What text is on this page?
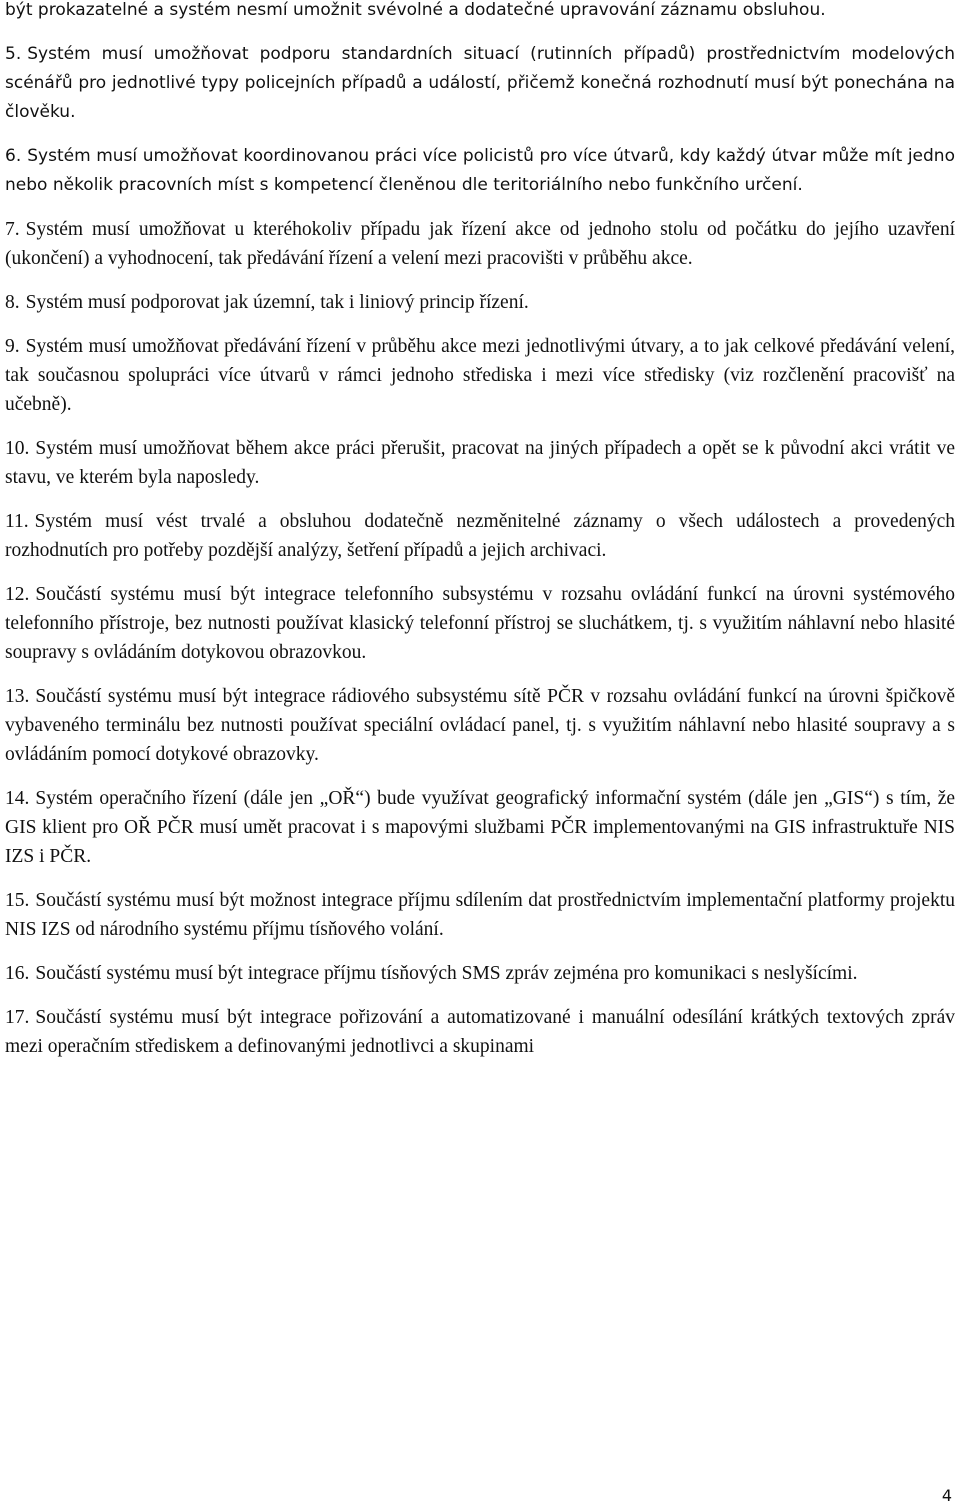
být prokazatelné a systém nesmí umožnit svévolné a dodatečné upravování záznamu obsluhou.

5. Systém musí umožňovat podporu standardních situací (rutinních případů) prostřednictvím modelových scénářů pro jednotlivé typy policejních případů a událostí, přičemž konečná rozhodnutí musí být ponechána na člověku.

6. Systém musí umožňovat koordinovanou práci více policistů pro více útvarů, kdy každý útvar může mít jedno nebo několik pracovních míst s kompetencí členěnou dle teritoriálního nebo funkčního určení.

7. Systém musí umožňovat u kteréhokoliv případu jak řízení akce od jednoho stolu od počátku do jejího uzavření (ukončení) a vyhodnocení, tak předávání řízení a velení mezi pracovišti v průběhu akce.

8. Systém musí podporovat jak územní, tak i liniový princip řízení.

9. Systém musí umožňovat předávání řízení v průběhu akce mezi jednotlivými útvary, a to jak celkové předávání velení, tak současnou spolupráci více útvarů v rámci jednoho střediska i mezi více středisky (viz rozčlenění pracovišť na učebně).

10. Systém musí umožňovat během akce práci přerušit, pracovat na jiných případech a opět se k původní akci vrátit ve stavu, ve kterém byla naposledy.

11. Systém musí vést trvalé a obsluhou dodatečně nezměnitelné záznamy o všech událostech a provedených rozhodnutích pro potřeby pozdější analýzy, šetření případů a jejich archivaci.

12. Součástí systému musí být integrace telefonního subsystému v rozsahu ovládání funkcí na úrovni systémového telefonního přístroje, bez nutnosti používat klasický telefonní přístroj se sluchátkem, tj. s využitím náhlavní nebo hlasité soupravy s ovládáním dotykovou obrazovkou.

13. Součástí systému musí být integrace rádiového subsystému sítě PČR v rozsahu ovládání funkcí na úrovni špičkově vybaveného terminálu bez nutnosti používat speciální ovládací panel, tj. s využitím náhlavní nebo hlasité soupravy a s ovládáním pomocí dotykové obrazovky.

14. Systém operačního řízení (dále jen „OŘ“) bude využívat geografický informační systém (dále jen „GIS“) s tím, že GIS klient pro OŘ PČR musí umět pracovat i s mapovými službami PČR implementovanými na GIS infrastruktuře NIS IZS i PČR.

15. Součástí systému musí být možnost integrace příjmu sdílením dat prostřednictvím implementační platformy projektu NIS IZS od národního systému příjmu tísňového volání.

16. Součástí systému musí být integrace příjmu tísňových SMS zpráv zejména pro komunikaci s neslyšícími.

17. Součástí systému musí být integrace pořizování a automatizované i manuální odesílání krátkých textových zpráv mezi operačním střediskem a definovanými jednotlivci a skupinami

4
